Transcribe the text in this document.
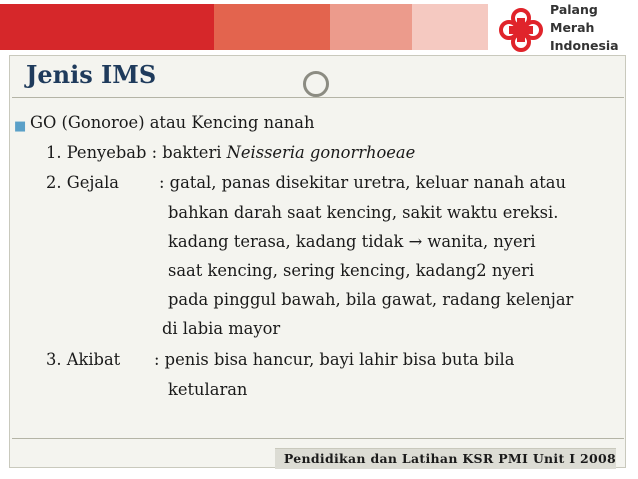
Palang
Merah
Indonesia
Jenis IMS
■ GO (Gonoroe) atau Kencing nanah
1. Penyebab : bakteri Neisseria gonorrhoeae
2. Gejala : gatal, panas disekitar uretra, keluar nanah atau
bahkan darah saat kencing, sakit waktu ereksi.
kadang terasa, kadang tidak → wanita, nyeri
saat kencing, sering kencing, kadang2 nyeri
pada pinggul bawah, bila gawat, radang kelenjar
di labia mayor
3. Akibat : penis bisa hancur, bayi lahir bisa buta bila
ketularan
Pendidikan dan Latihan KSR PMI Unit I 2008
